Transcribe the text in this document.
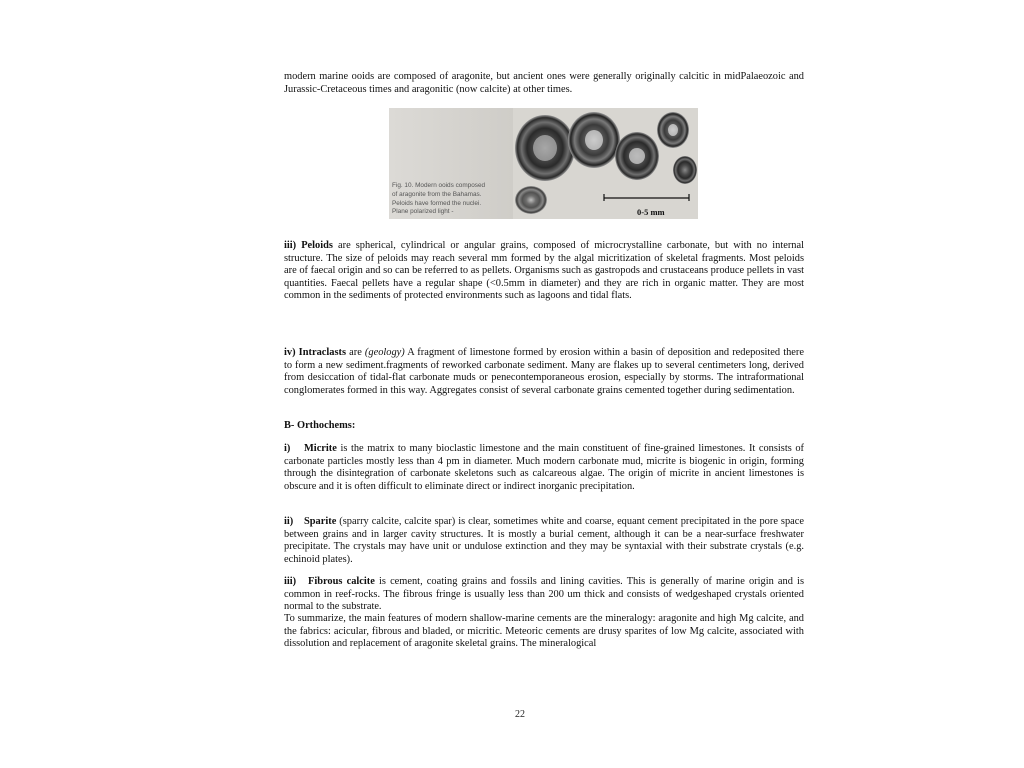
modern marine ooids are composed of aragonite, but ancient ones were generally originally calcitic in midPalaeozoic and Jurassic-Cretaceous times and aragonitic (now calcite) at other times.

Fig. 10. Modern ooids composed
of aragonite from the Bahamas.
Peloids have formed the nuclei.
Plane polarized light -	0-5 mm

iii) Peloids are spherical, cylindrical or angular grains, composed of microcrystalline carbonate, but with no internal structure. The size of peloids may reach several mm formed by the algal micritization of skeletal fragments. Most peloids are of faecal origin and so can be referred to as pellets. Organisms such as gastropods and crustaceans produce pellets in vast quantities. Faecal pellets have a regular shape (<0.5mm in diameter) and they are rich in organic matter. They are most common in the sediments of protected environments such as lagoons and tidal flats.

iv) Intraclasts are (geology) A fragment of limestone formed by erosion within a basin of deposition and redeposited there to form a new sediment.fragments of reworked carbonate sediment. Many are flakes up to several centimeters long, derived from desiccation of tidal-flat carbonate muds or penecontemporaneous erosion, especially by storms. The intraformational conglomerates formed in this way. Aggregates consist of several carbonate grains cemented together during sedimentation.

B- Orthochems:

i) Micrite is the matrix to many bioclastic limestone and the main constituent of fine-grained limestones. It consists of carbonate particles mostly less than 4 pm in diameter. Much modern carbonate mud, micrite is biogenic in origin, forming through the disintegration of carbonate skeletons such as calcareous algae. The origin of micrite in ancient limestones is obscure and it is often difficult to eliminate direct or indirect inorganic precipitation.

ii) Sparite (sparry calcite, calcite spar) is clear, sometimes white and coarse, equant cement precipitated in the pore space between grains and in larger cavity structures. It is mostly a burial cement, although it can be a near-surface freshwater precipitate. The crystals may have unit or undulose extinction and they may be syntaxial with their substrate crystals (e.g. echinoid plates).

iii) Fibrous calcite is cement, coating grains and fossils and lining cavities. This is generally of marine origin and is common in reef-rocks. The fibrous fringe is usually less than 200 um thick and consists of wedgeshaped crystals oriented normal to the substrate.

To summarize, the main features of modern shallow-marine cements are the mineralogy: aragonite and high Mg calcite, and the fabrics: acicular, fibrous and bladed, or micritic. Meteoric cements are drusy sparites of low Mg calcite, associated with dissolution and replacement of aragonite skeletal grains. The mineralogical

22
